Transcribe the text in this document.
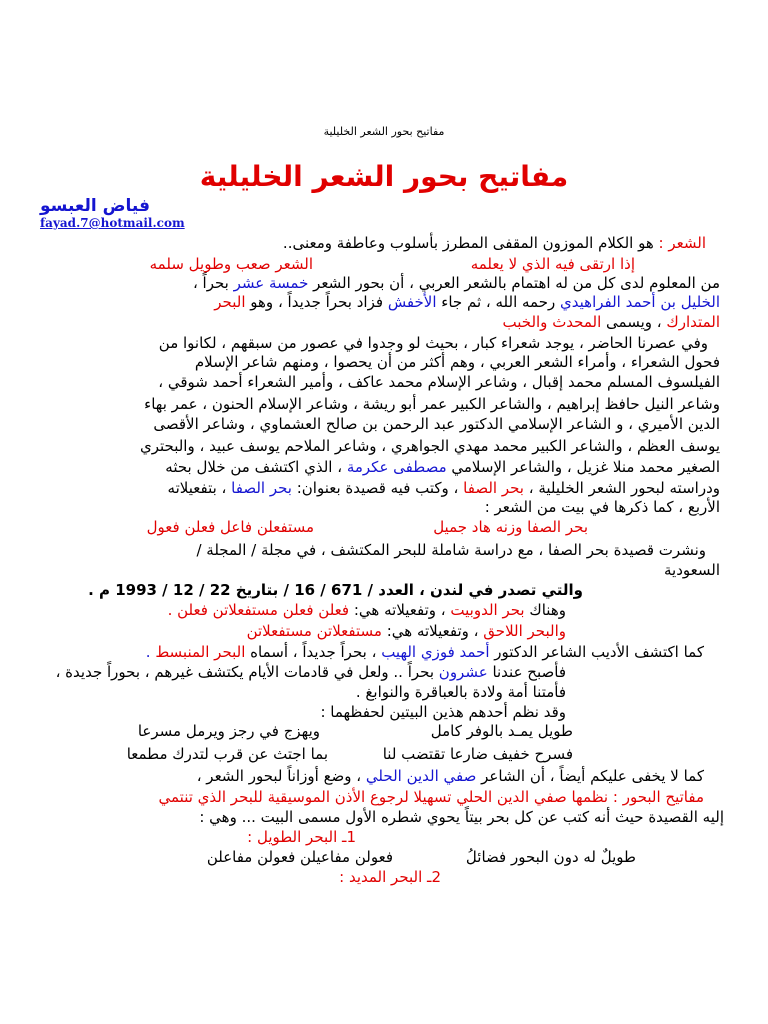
مفاتيح بحور الشعر الخليلية
مفاتيح بحور الشعر الخليلية
فياض العبسو
fayad.7@hotmail.com
الشعر : هو الكلام الموزون المقفى المطرز بأسلوب وعاطفة ومعنى..
الشعر صعب وطويل سلمه	إذا ارتقى فيه الذي لا يعلمه
من المعلوم لدى كل من له اهتمام بالشعر العربي ، أن بحور الشعر خمسة عشر بحراً ،
الخليل بن أحمد الفراهيدي رحمه الله ، ثم جاء الأخفش فزاد بحراً جديداً ، وهو البحر
المتدارك ، ويسمى المحدث والخبب
وفي عصرنا الحاضر ، يوجد شعراء كبار ، بحيث لو وجدوا في عصور من سبقهم ، لكانوا من
فحول الشعراء ، وأمراء الشعر العربي ، وهم أكثر من أن يحصوا ، ومنهم شاعر الإسلام
الفيلسوف المسلم محمد إقبال ، وشاعر الإسلام محمد عاكف ، وأمير الشعراء أحمد شوقي ،
وشاعر النيل حافظ إبراهيم ، والشاعر الكبير عمر أبو ريشة ، وشاعر الإسلام الحنون ، عمر بهاء
الدين الأميري ، و الشاعر الإسلامي الدكتور عبد الرحمن بن صالح العشماوي ، وشاعر الأقصى
يوسف العظم ، والشاعر الكبير محمد مهدي الجواهري ، وشاعر الملاحم يوسف عبيد ، والبحتري
الصغير محمد منلا غزيل ، والشاعر الإسلامي مصطفى عكرمة ، الذي اكتشف من خلال بحثه
ودراسته لبحور الشعر الخليلية ، بحر الصفا ، وكتب فيه قصيدة بعنوان: بحر الصفا ، بتفعيلاته
الأربع ، كما ذكرها في بيت من الشعر :
بحر الصفا وزنه هاد جميل
مستفعلن فاعل فعلن فعول
ونشرت قصيدة بحر الصفا ، مع دراسة شاملة للبحر المكتشف ، في مجلة / المجلة /
السعودية
والتي تصدر في لندن ، العدد / 671 / 16 / بتاريخ 22 / 12 / 1993 م .
وهناك بحر الدوبيت ، وتفعيلاته هي: فعلن فعلن مستفعلاتن فعلن .
والبحر اللاحق ، وتفعيلاته هي: مستفعلاتن مستفعلاتن
كما اكتشف الأديب الشاعر الدكتور أحمد فوزي الهيب ، بحراً جديداً ، أسماه البحر المنبسط .
فأصبح عندنا عشرون بحراً .. ولعل في قادمات الأيام يكتشف غيرهم ، بحوراً جديدة ،
فأمتنا أمة ولادة بالعباقرة والنوابغ .
وقد نظم أحدهم هذين البيتين لحفظهما :
طويل يمـد بالوفر كامل
ويهزج في رجز ويرمل مسرعا
فسرح خفيف ضارعا تقتضب لنا
بما اجتث عن قرب لتدرك مطمعا
كما لا يخفى عليكم أيضاً ، أن الشاعر صفي الدين الحلي ، وضع أوزاناً لبحور الشعر ،
مفاتيح البحور : نظمها صفي الدين الحلي تسهيلا لرجوع الأذن الموسيقية للبحر الذي تنتمي
إليه القصيدة حيث أنه كتب عن كل بحر بيتاً يحوي شطره الأول مسمى البيت ... وهي :
1ـ البحر الطويل :
طويلٌ له دون البحور فضائلُ
فعولن مفاعيلن فعولن مفاعلن
2ـ البحر المديد :
